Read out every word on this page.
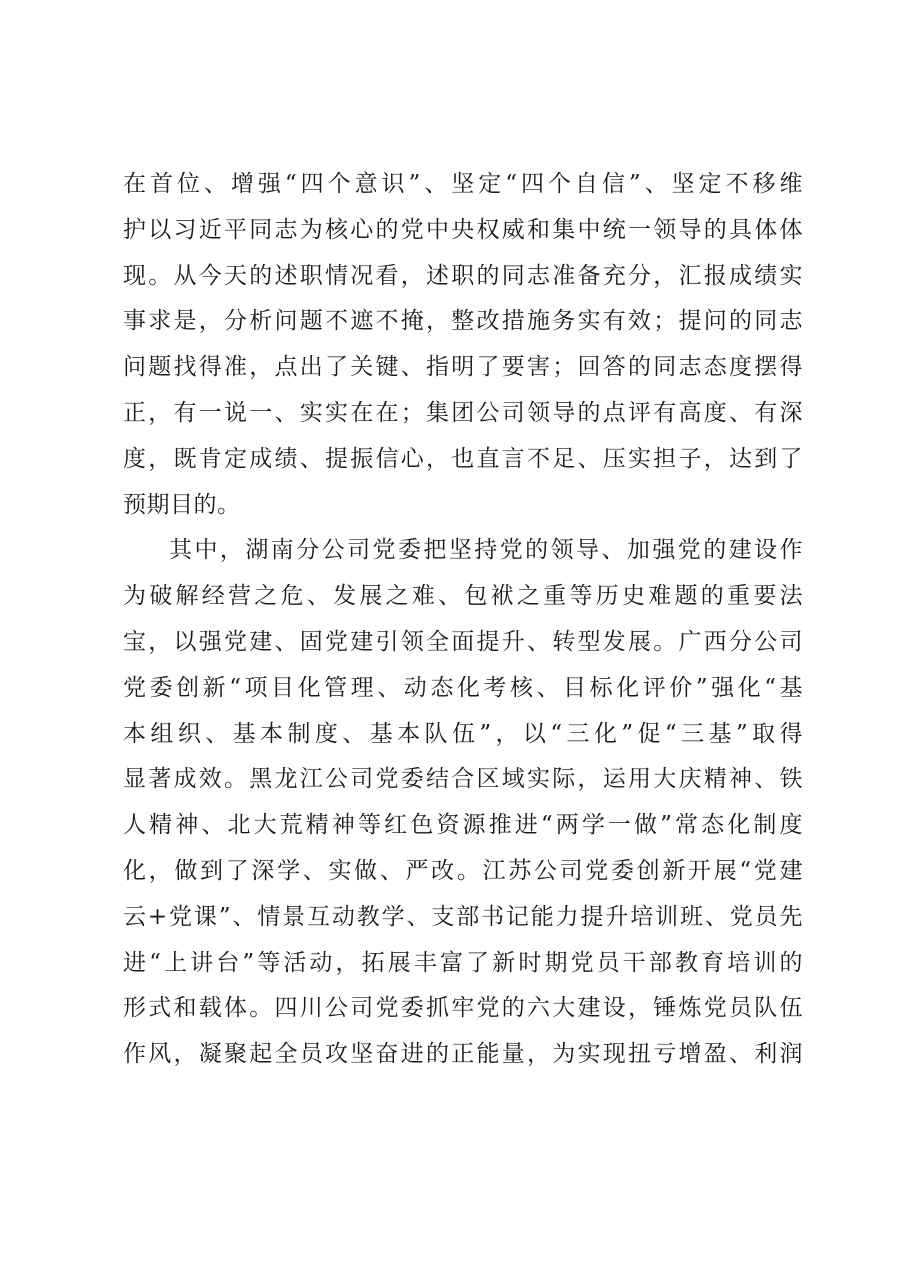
在首位、增强“四个意识”、坚定“四个自信”、坚定不移维
护以习近平同志为核心的党中央权威和集中统一领导的具体体
现。从今天的述职情况看，述职的同志准备充分，汇报成绩实
事求是，分析问题不遮不掩，整改措施务实有效；提问的同志
问题找得准，点出了关键、指明了要害；回答的同志态度摆得
正，有一说一、实实在在；集团公司领导的点评有高度、有深
度，既肯定成绩、提振信心，也直言不足、压实担子，达到了
预期目的。
其中，湖南分公司党委把坚持党的领导、加强党的建设作
为破解经营之危、发展之难、包袱之重等历史难题的重要法
宝，以强党建、固党建引领全面提升、转型发展。广西分公司
党委创新“项目化管理、动态化考核、目标化评价”强化“基
本组织、基本制度、基本队伍”，以“三化”促“三基”取得
显著成效。黑龙江公司党委结合区域实际，运用大庆精神、铁
人精神、北大荒精神等红色资源推进“两学一做”常态化制度
化，做到了深学、实做、严改。江苏公司党委创新开展“党建
云+党课”、情景互动教学、支部书记能力提升培训班、党员先
进“上讲台”等活动，拓展丰富了新时期党员干部教育培训的
形式和载体。四川公司党委抓牢党的六大建设，锤炼党员队伍
作风，凝聚起全员攻坚奋进的正能量，为实现扭亏增盈、利润
